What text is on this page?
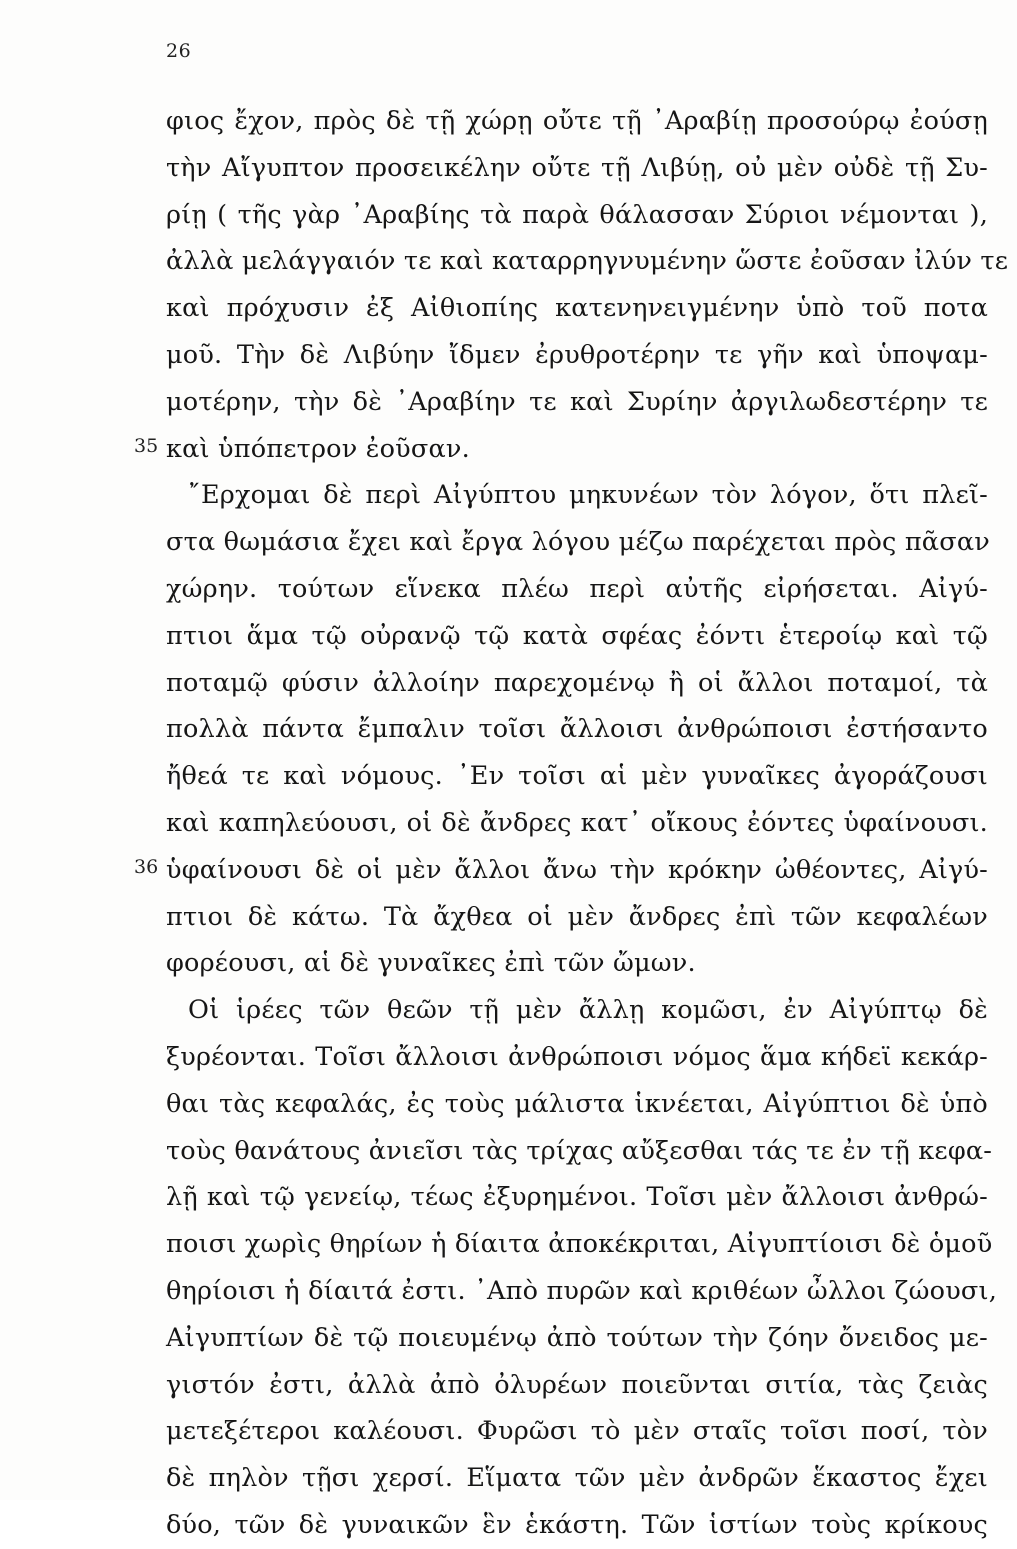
26
35
36
φιος ἔχον, πρὸς δὲ τῇ χώρῃ οὔτε τῇ ᾿Αραβίῃ προσούρῳ ἐούσῃ
τὴν Αἴγυπτον προσεικέλην οὔτε τῇ Λιβύῃ, οὐ μὲν οὐδὲ τῇ Συ-
ρίῃ ( τῆς γὰρ ᾿Αραβίης τὰ παρὰ θάλασσαν Σύριοι νέμονται ),
ἀλλὰ μελάγγαιόν τε καὶ καταρρηγνυμένην ὥστε ἐοῦσαν ἰλύν τε
καὶ πρόχυσιν ἐξ Αἰθιοπίης κατενηνειγμένην ὑπὸ τοῦ ποτα
μοῦ. Τὴν δὲ Λιβύην ἴδμεν ἐρυθροτέρην τε γῆν καὶ ὑποψαμ-
μοτέρην, τὴν δὲ ᾿Αραβίην τε καὶ Συρίην ἀργιλωδεστέρην τε
καὶ ὑπόπετρον ἐοῦσαν.
῎Ερχομαι δὲ περὶ Αἰγύπτου μηκυνέων τὸν λόγον, ὅτι πλεῖ-
στα θωμάσια ἔχει καὶ ἔργα λόγου μέζω παρέχεται πρὸς πᾶσαν
χώρην. τούτων εἵνεκα πλέω περὶ αὐτῆς εἰρήσεται. Αἰγύ-
πτιοι ἅμα τῷ οὐρανῷ τῷ κατὰ σφέας ἐόντι ἑτεροίῳ καὶ τῷ
ποταμῷ φύσιν ἀλλοίην παρεχομένῳ ἢ οἱ ἄλλοι ποταμοί, τὰ
πολλὰ πάντα ἔμπαλιν τοῖσι ἄλλοισι ἀνθρώποισι ἐστήσαντο
ἤθεά τε καὶ νόμους. ᾿Εν τοῖσι αἱ μὲν γυναῖκες ἀγοράζουσι
καὶ καπηλεύουσι, οἱ δὲ ἄνδρες κατ᾿ οἴκους ἐόντες ὑφαίνουσι.
ὑφαίνουσι δὲ οἱ μὲν ἄλλοι ἄνω τὴν κρόκην ὠθέοντες, Αἰγύ-
πτιοι δὲ κάτω. Τὰ ἄχθεα οἱ μὲν ἄνδρες ἐπὶ τῶν κεφαλέων
φορέουσι, αἱ δὲ γυναῖκες ἐπὶ τῶν ὤμων.
Οἱ ἱρέες τῶν θεῶν τῇ μὲν ἄλλῃ κομῶσι, ἐν Αἰγύπτῳ δὲ
ξυρέονται. Τοῖσι ἄλλοισι ἀνθρώποισι νόμος ἅμα κήδεϊ κεκάρ-
θαι τὰς κεφαλάς, ἐς τοὺς μάλιστα ἱκνέεται, Αἰγύπτιοι δὲ ὑπὸ
τοὺς θανάτους ἀνιεῖσι τὰς τρίχας αὔξεσθαι τάς τε ἐν τῇ κεφα-
λῇ καὶ τῷ γενείῳ, τέως ἐξυρημένοι. Τοῖσι μὲν ἄλλοισι ἀνθρώ-
ποισι χωρὶς θηρίων ἡ δίαιτα ἀποκέκριται, Αἰγυπτίοισι δὲ ὁμοῦ
θηρίοισι ἡ δίαιτά ἐστι. ᾿Απὸ πυρῶν καὶ κριθέων ὦλλοι ζώουσι,
Αἰγυπτίων δὲ τῷ ποιευμένῳ ἀπὸ τούτων τὴν ζόην ὄνειδος με-
γιστόν ἐστι, ἀλλὰ ἀπὸ ὀλυρέων ποιεῦνται σιτία, τὰς ζειὰς
μετεξέτεροι καλέουσι. Φυρῶσι τὸ μὲν σταῖς τοῖσι ποσί, τὸν
δὲ πηλὸν τῇσι χερσί. Εἵματα τῶν μὲν ἀνδρῶν ἕκαστος ἔχει
δύο, τῶν δὲ γυναικῶν ἓν ἑκάστη. Τῶν ἱστίων τοὺς κρίκους
